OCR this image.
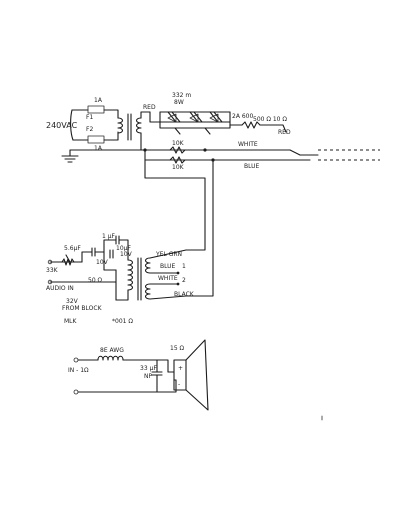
240VAC
1A
F1
F2
1A
RED
332 m
8W
2A 600 500 Ω 10 Ω
RED
10K
10K
WHITE
BLUE
5.6μF
1 μF
10μF
10V
10V
33K
50 Ω
AUDIO IN
32V
FROM BLOCK
MLK	*001 Ω
YEL GRN
BLUE
WHITE
BLACK
1
2
8E AWG	15 Ω
33 μF
NP
IN - 1Ω	+
-
